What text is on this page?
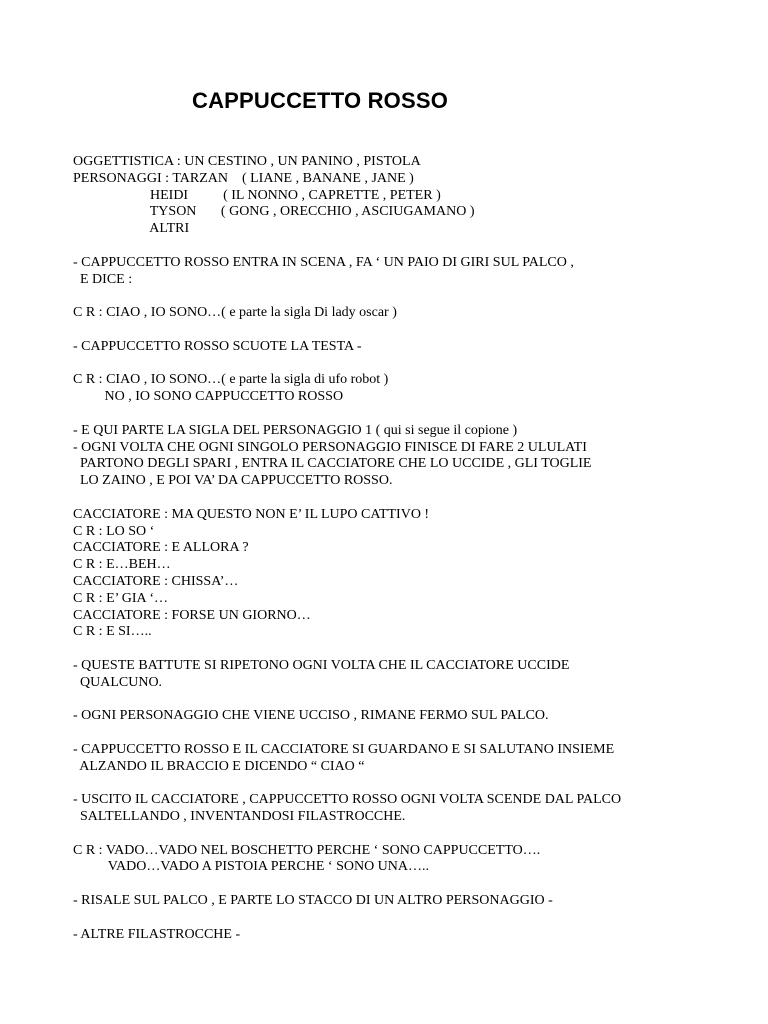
CAPPUCCETTO ROSSO
OGGETTISTICA : UN CESTINO , UN PANINO , PISTOLA
PERSONAGGI : TARZAN    ( LIANE , BANANE , JANE )
HEIDI          ( IL NONNO , CAPRETTE , PETER )
TYSON       ( GONG , ORECCHIO , ASCIUGAMANO )
ALTRI
- CAPPUCCETTO ROSSO ENTRA IN SCENA , FA ‘ UN PAIO DI GIRI SUL PALCO ,
E DICE :
C R : CIAO , IO SONO…( e parte la sigla Di lady oscar )
- CAPPUCCETTO ROSSO SCUOTE LA TESTA -
C R : CIAO , IO SONO…( e parte la sigla di ufo robot )
NO , IO SONO CAPPUCCETTO ROSSO
- E QUI PARTE LA SIGLA DEL PERSONAGGIO 1 ( qui si segue il copione )
- OGNI VOLTA CHE OGNI SINGOLO PERSONAGGIO FINISCE DI FARE 2 ULULATI
PARTONO DEGLI SPARI , ENTRA IL CACCIATORE CHE LO UCCIDE , GLI TOGLIE
LO ZAINO , E POI VA’ DA CAPPUCCETTO ROSSO.
CACCIATORE : MA QUESTO NON E’ IL LUPO CATTIVO !
C R : LO SO ‘
CACCIATORE : E ALLORA ?
C R : E…BEH…
CACCIATORE : CHISSA’…
C R : E’ GIA ‘…
CACCIATORE : FORSE UN GIORNO…
C R : E SI…..
- QUESTE BATTUTE SI RIPETONO OGNI VOLTA CHE IL CACCIATORE UCCIDE
QUALCUNO.
- OGNI PERSONAGGIO CHE VIENE UCCISO , RIMANE FERMO SUL PALCO.
- CAPPUCCETTO ROSSO E IL CACCIATORE SI GUARDANO E SI SALUTANO INSIEME
ALZANDO IL BRACCIO E DICENDO “ CIAO “
- USCITO IL CACCIATORE , CAPPUCCETTO ROSSO OGNI VOLTA SCENDE DAL PALCO
SALTELLANDO , INVENTANDOSI FILASTROCCHE.
C R : VADO…VADO NEL BOSCHETTO PERCHE ‘ SONO CAPPUCCETTO….
VADO…VADO A PISTOIA PERCHE ‘ SONO UNA…..
- RISALE SUL PALCO , E PARTE LO STACCO DI UN ALTRO PERSONAGGIO -
- ALTRE FILASTROCCHE -
